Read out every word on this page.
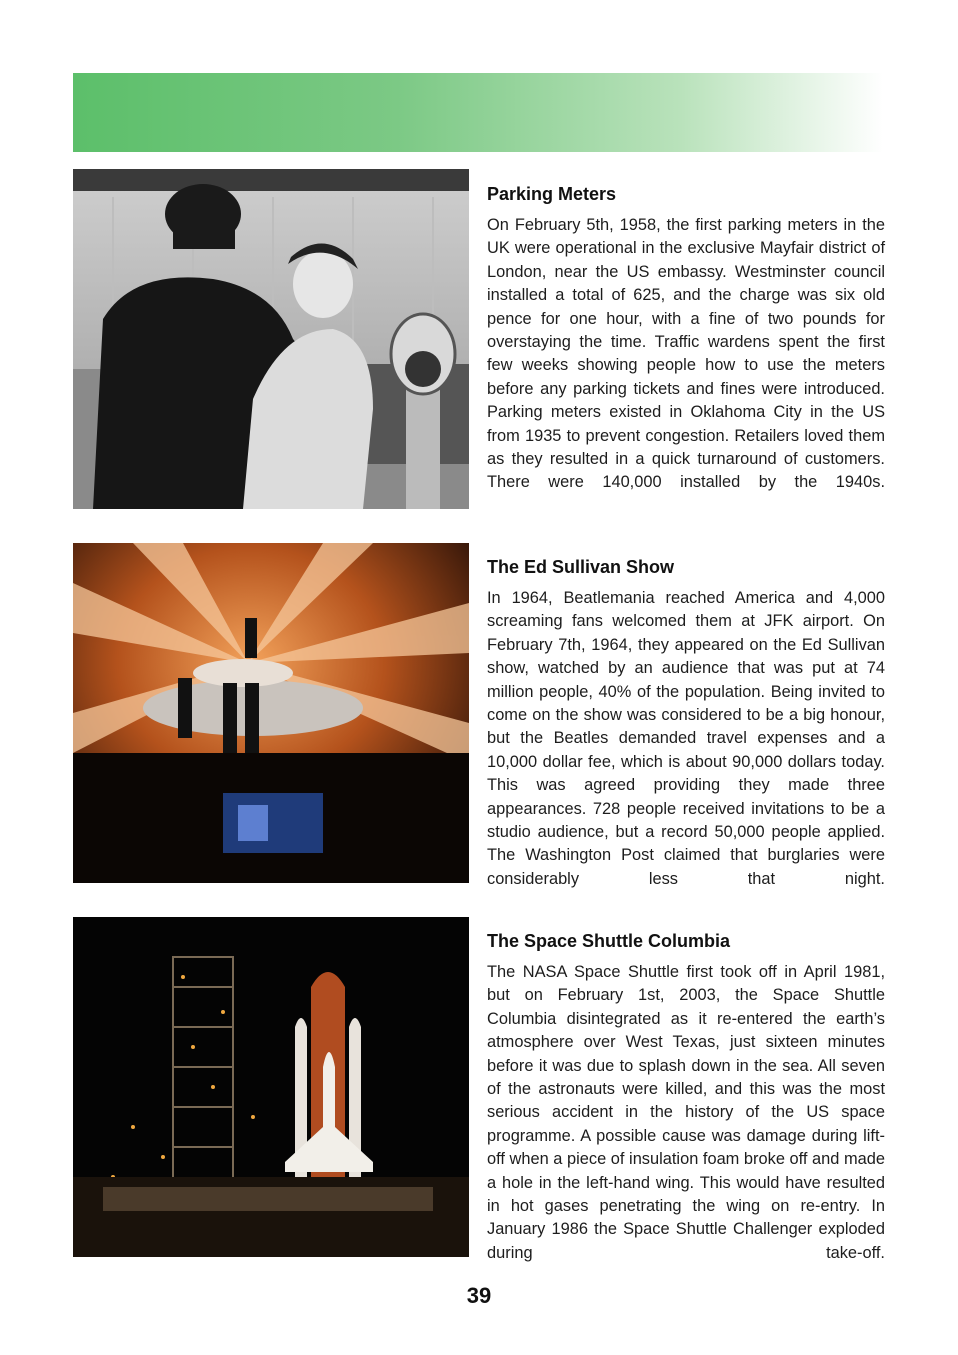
Parking Meters

On February 5th, 1958, the first parking meters in the UK were operational in the exclusive Mayfair district of London, near the US embassy. Westminster council installed a total of 625, and the charge was six old pence for one hour, with a fine of two pounds for overstaying the time. Traffic wardens spent the first few weeks showing people how to use the meters before any parking tickets and fines were introduced. Parking meters existed in Oklahoma City in the US from 1935 to prevent congestion. Retailers loved them as they resulted in a quick turnaround of customers. There were 140,000 installed by the 1940s.

The Ed Sullivan Show

In 1964, Beatlemania reached America and 4,000 screaming fans welcomed them at JFK airport. On February 7th, 1964, they appeared on the Ed Sullivan show, watched by an audience that was put at 74 million people, 40% of the population. Being invited to come on the show was considered to be a big honour, but the Beatles demanded travel expenses and a 10,000 dollar fee, which is about 90,000 dollars today. This was agreed providing they made three appearances. 728 people received invitations to be a studio audience, but a record 50,000 people applied. The Washington Post claimed that burglaries were considerably less that night.

The Space Shuttle Columbia

The NASA Space Shuttle first took off in April 1981, but on February 1st, 2003, the Space Shuttle Columbia disintegrated as it re-entered the earth’s atmosphere over West Texas, just sixteen minutes before it was due to splash down in the sea. All seven of the astronauts were killed, and this was the most serious accident in the history of the US space programme. A possible cause was damage during lift-off when a piece of insulation foam broke off and made a hole in the left-hand wing. This would have resulted in hot gases penetrating the wing on re-entry. In January 1986 the Space Shuttle Challenger exploded during take-off.

39
